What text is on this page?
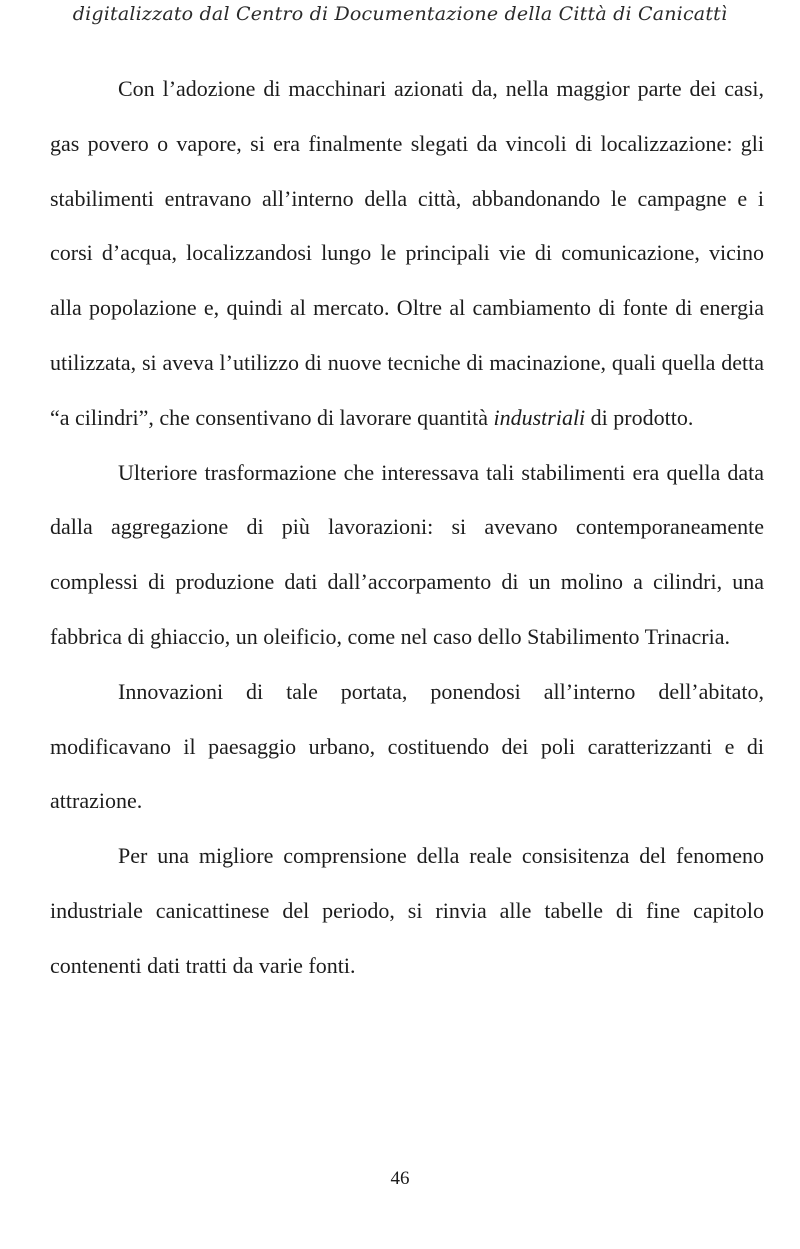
digitalizzato dal Centro di Documentazione della Città di Canicattì

Con l’adozione di macchinari azionati da, nella maggior parte dei casi, gas povero o vapore, si era finalmente slegati da vincoli di localizzazione: gli stabilimenti entravano all’interno della città, abbandonando le campagne e i corsi d’acqua, localizzandosi lungo le principali vie di comunicazione, vicino alla popolazione e, quindi al mercato. Oltre al cambiamento di fonte di energia utilizzata, si aveva l’utilizzo di nuove tecniche di macinazione, quali quella detta “a cilindri”, che consentivano di lavorare quantità industriali di prodotto.

Ulteriore trasformazione che interessava tali stabilimenti era quella data dalla aggregazione di più lavorazioni: si avevano contemporaneamente complessi di produzione dati dall’accorpamento di un molino a cilindri, una fabbrica di ghiaccio, un oleificio, come nel caso dello Stabilimento Trinacria.

Innovazioni di tale portata, ponendosi all’interno dell’abitato, modificavano il paesaggio urbano, costituendo dei poli caratterizzanti e di attrazione.

Per una migliore comprensione della reale consisitenza del fenomeno industriale canicattinese del periodo, si rinvia alle tabelle di fine capitolo contenenti dati tratti da varie fonti.

46
